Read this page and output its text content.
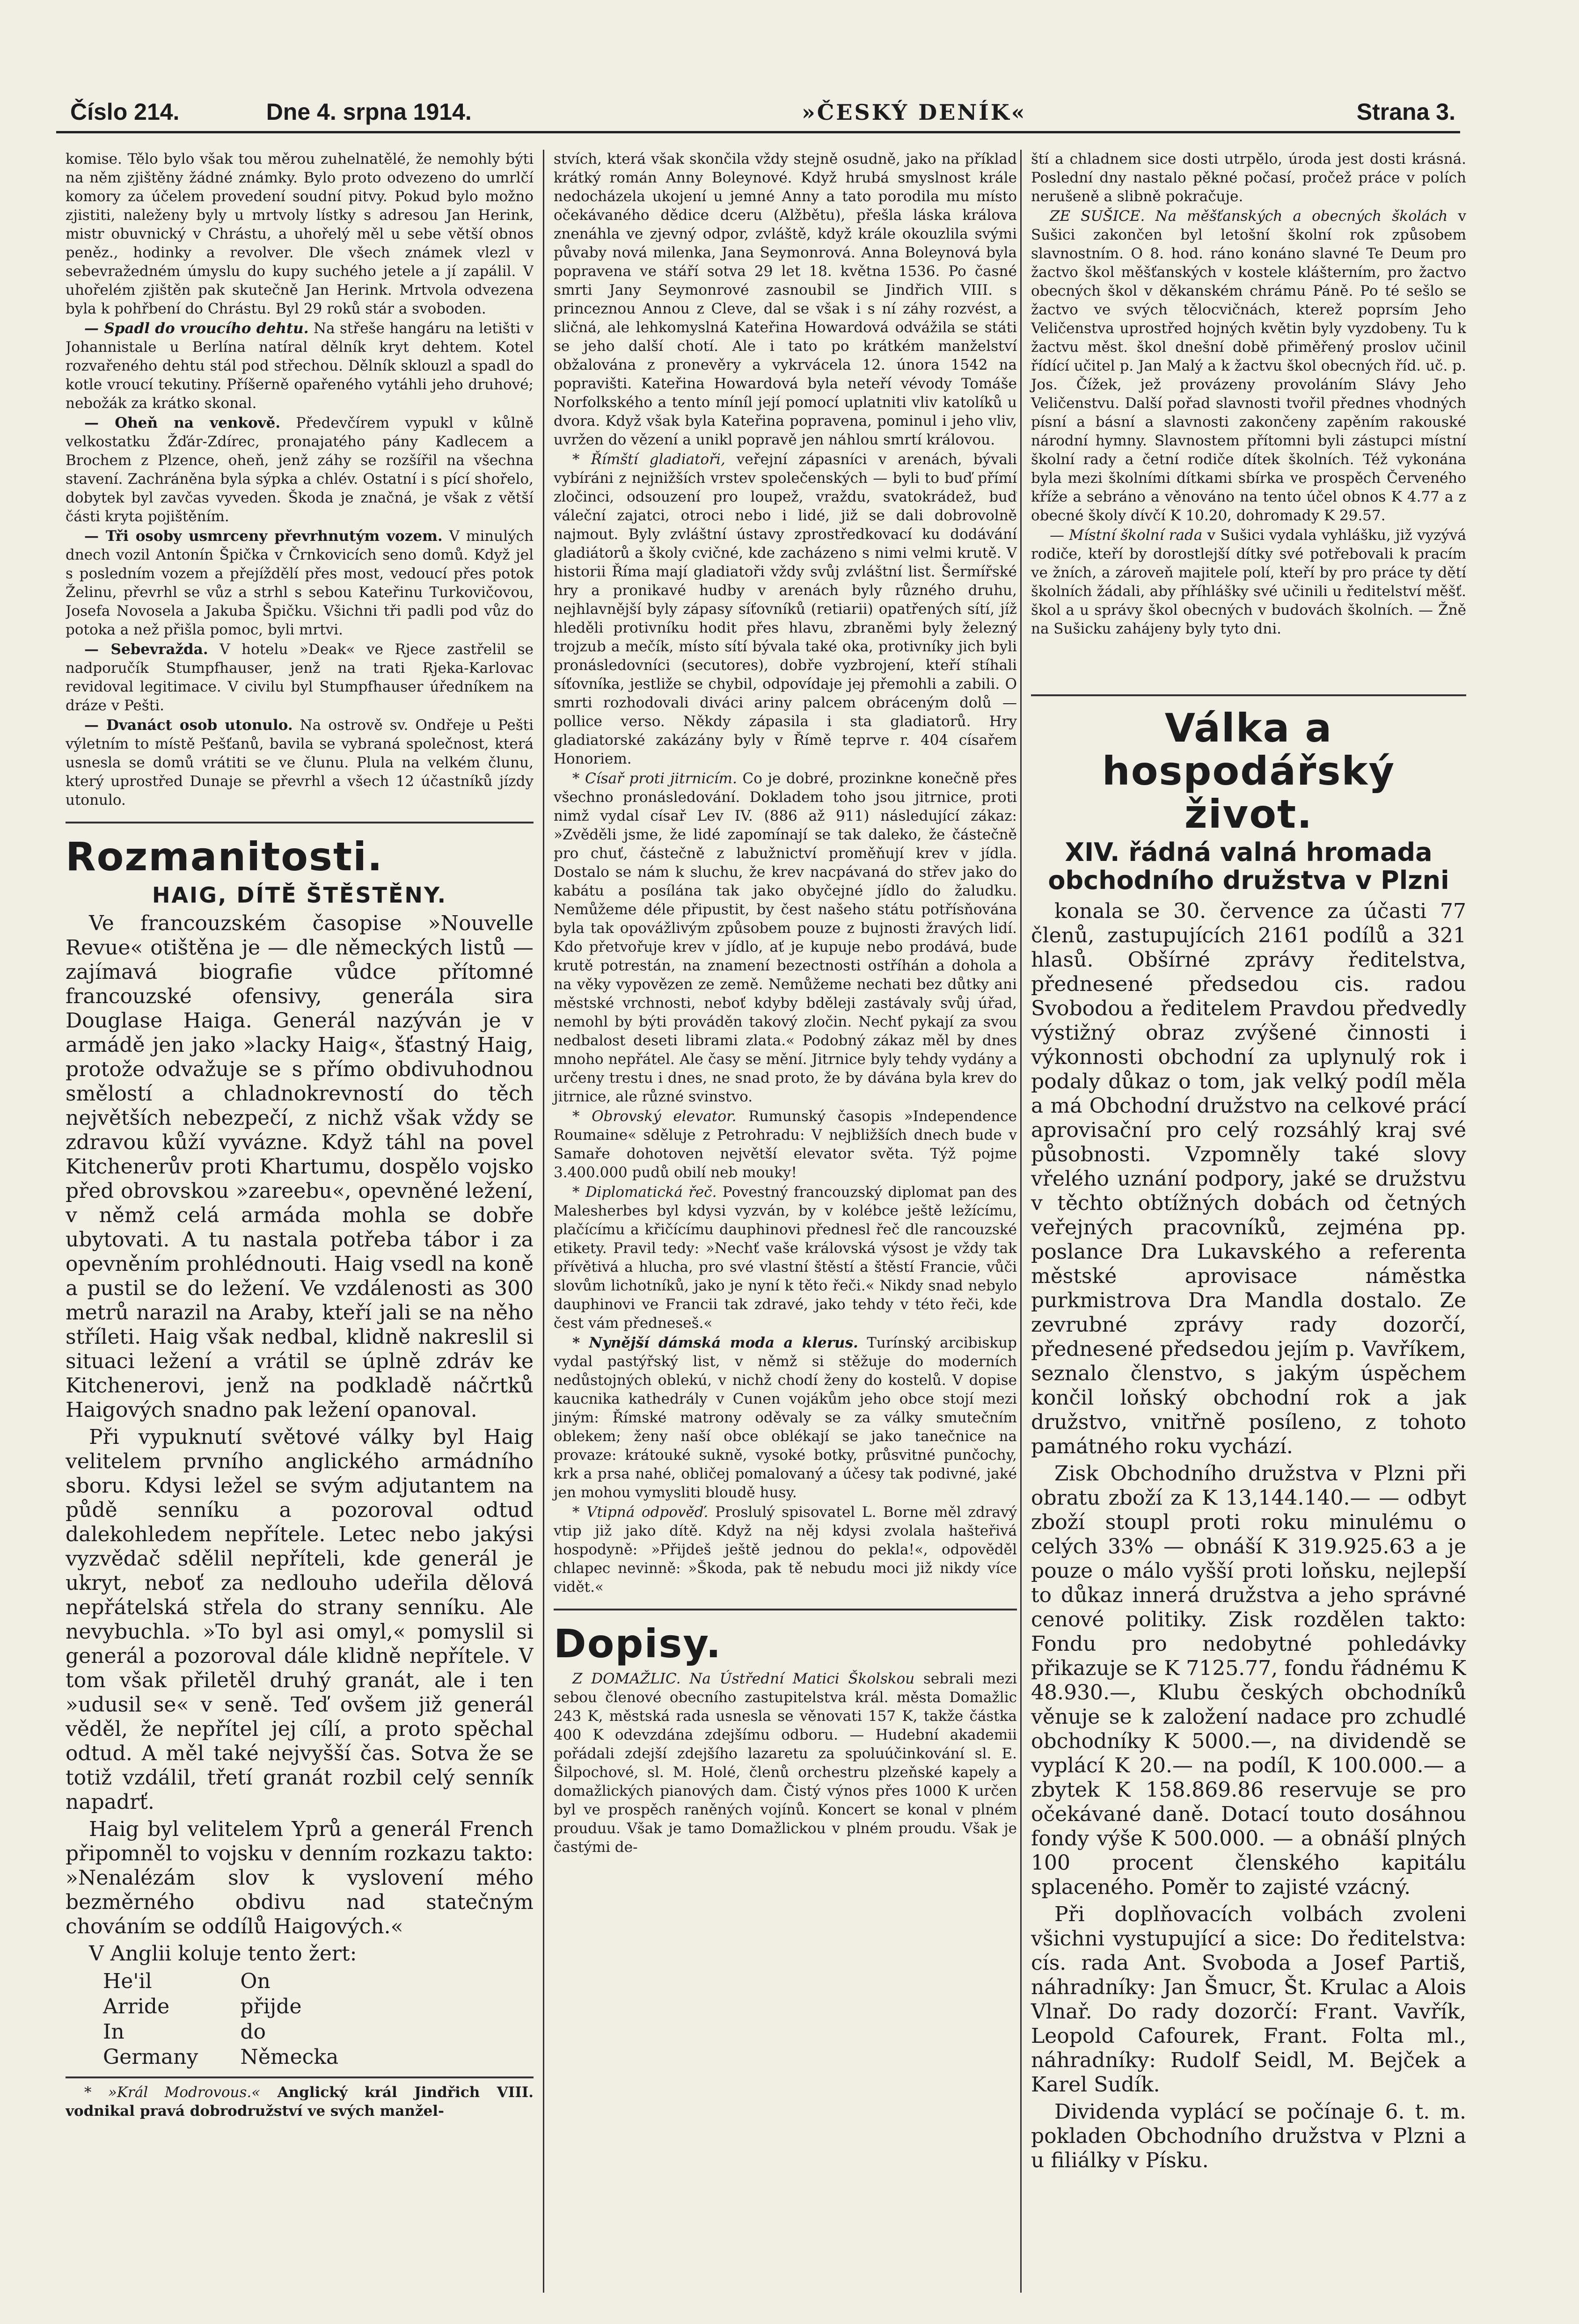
Číslo 214.	Dne 4. srpna 1914.	»ČESKÝ DENÍK«	Strana 3.

komise. Tělo bylo však tou měrou zuhelnatělé, že nemohly býti na něm zjištěny žádné známky. Bylo proto odvezeno do umrlčí komory za účelem provedení soudní pitvy. Pokud bylo možno zjistiti, naleženy byly u mrtvoly lístky s adresou Jan Herink, mistr obuvnický v Chrástu, a uhořelý měl u sebe větší obnos peněz., hodinky a revolver. Dle všech známek vlezl v sebevražedném úmyslu do kupy suchého jetele a jí zapálil. V uhořelém zjištěn pak skutečně Jan Herink. Mrtvola odvezena byla k pohřbení do Chrástu. Byl 29 roků stár a svoboden.

— Spadl do vroucího dehtu. Na střeše hangáru na letišti v Johannistale u Berlína natíral dělník kryt dehtem. Kotel rozvařeného dehtu stál pod střechou. Dělník sklouzl a spadl do kotle vroucí tekutiny. Příšerně opařeného vytáhli jeho druhové; nebožák za krátko skonal.

— Oheň na venkově. Předevčírem vypukl v kůlně velkostatku Žďár-Zdírec, pronajatého pány Kadlecem a Brochem z Plzence, oheň, jenž záhy se rozšířil na všechna stavení. Zachráněna byla sýpka a chlév. Ostatní i s pící shořelo, dobytek byl zavčas vyveden. Škoda je značná, je však z větší části kryta pojištěním.

— Tři osoby usmrceny převrhnutým vozem. V minulých dnech vozil Antonín Špička v Črnkovicích seno domů. Když jel s posledním vozem a přejíždělí přes most, vedoucí přes potok Želinu, převrhl se vůz a strhl s sebou Kateřinu Turkovičovou, Josefa Novosela a Jakuba Špičku. Všichni tři padli pod vůz do potoka a než přišla pomoc, byli mrtvi.

— Sebevražda. V hotelu »Deak« ve Rjece zastřelil se nadporučík Stumpfhauser, jenž na trati Rjeka-Karlovac revidoval legitimace. V civilu byl Stumpfhauser úředníkem na dráze v Pešti.

— Dvanáct osob utonulo. Na ostrově sv. Ondřeje u Pešti výletním to místě Pešťanů, bavila se vybraná společnost, která usnesla se domů vrátiti se ve člunu. Plula na velkém člunu, který uprostřed Dunaje se převrhl a všech 12 účastníků jízdy utonulo.

Rozmanitosti.
HAIG, DÍTĚ ŠTĚSTĚNY.

Ve francouzském časopise »Nouvelle Revue« otištěna je — dle německých listů — zajímavá biografie vůdce přítomné francouzské ofensivy, generála sira Douglase Haiga. Generál nazýván je v armádě jen jako »lacky Haig«, šťastný Haig, protože odvažuje se s přímo obdivuhodnou smělostí a chladnokrevností do těch největších nebezpečí, z nichž však vždy se zdravou kůží vyvázne. Když táhl na povel Kitchenerův proti Khartumu, dospělo vojsko před obrovskou »zareebu«, opevněné ležení, v němž celá armáda mohla se dobře ubytovati. A tu nastala potřeba tábor i za opevněním prohlédnouti. Haig vsedl na koně a pustil se do ležení. Ve vzdálenosti as 300 metrů narazil na Araby, kteří jali se na něho stříleti. Haig však nedbal, klidně nakreslil si situaci ležení a vrátil se úplně zdráv ke Kitchenerovi, jenž na podkladě náčrtků Haigových snadno pak ležení opanoval.

Při vypuknutí světové války byl Haig velitelem prvního anglického armádního sboru. Kdysi ležel se svým adjutantem na půdě senníku a pozoroval odtud dalekohledem nepřítele. Letec nebo jakýsi vyzvědač sdělil nepříteli, kde generál je ukryt, neboť za nedlouho udeřila dělová nepřátelská střela do strany senníku. Ale nevybuchla. »To byl asi omyl,« pomyslil si generál a pozoroval dále klidně nepřítele. V tom však přiletěl druhý granát, ale i ten »udusil se« v seně. Teď ovšem již generál věděl, že nepřítel jej cílí, a proto spěchal odtud. A měl také nejvyšší čas. Sotva že se totiž vzdálil, třetí granát rozbil celý senník napadrť.

Haig byl velitelem Yprů a generál French připomněl to vojsku v denním rozkazu takto: »Nenalézám slov k vyslovení mého bezměrného obdivu nad statečným chováním se oddílů Haigových.«

V Anglii koluje tento žert:

He'il	On
Arride	přijde
In	do
Germany	Německa

* »Král Modrovous.« Anglický král Jindřich VIII. vodnikal pravá dobrodružství ve svých manžel-

stvích, která však skončila vždy stejně osudně, jako na příklad krátký román Anny Boleynové. Když hrubá smyslnost krále nedocházela ukojení u jemné Anny a tato porodila mu místo očekávaného dědice dceru (Alžbětu), přešla láska králova znenáhla ve zjevný odpor, zvláště, když krále okouzlila svými půvaby nová milenka, Jana Seymonrová. Anna Boleynová byla popravena ve stáří sotva 29 let 18. května 1536. Po časné smrti Jany Seymonrové zasnoubil se Jindřich VIII. s princeznou Annou z Cleve, dal se však i s ní záhy rozvést, a sličná, ale lehkomyslná Kateřina Howardová odvážila se státi se jeho další chotí. Ale i tato po krátkém manželství obžalována z pronevěry a vykrvácela 12. února 1542 na popravišti. Kateřina Howardová byla neteří vévody Tomáše Norfolkského a tento míníl její pomocí uplatniti vliv katolíků u dvora. Když však byla Kateřina popravena, pominul i jeho vliv, uvržen do vězení a unikl popravě jen náhlou smrtí královou.

* Římští gladiatoři, veřejní zápasníci v arenách, bývali vybíráni z nejnižších vrstev společenských — byli to buď přímí zločinci, odsouzení pro loupež, vraždu, svatokrádež, buď váleční zajatci, otroci nebo i lidé, již se dali dobrovolně najmout. Byly zvláštní ústavy zprostředkovací ku dodávání gladiátorů a školy cvičné, kde zacházeno s nimi velmi krutě. V historii Říma mají gladiatoři vždy svůj zvláštní list. Šermířské hry a pronikavé hudby v arenách byly různého druhu, nejhlavnější byly zápasy síťovníků (retiarii) opatřených sítí, jíž hleděli protivníku hodit přes hlavu, zbraněmi byly železný trojzub a mečík, místo sítí bývala také oka, protivníky jich byli pronásledovníci (secutores), dobře vyzbrojení, kteří stíhali síťovníka, jestliže se chybil, odpovídaje jej přemohli a zabili. O smrti rozhodovali diváci ariny palcem obráceným dolů — pollice verso. Někdy zápasila i sta gladiatorů. Hry gladiatorské zakázány byly v Římě teprve r. 404 císařem Honoriem.

* Císař proti jitrnicím. Co je dobré, prozinkne konečně přes všechno pronásledování. Dokladem toho jsou jitrnice, proti nimž vydal císař Lev IV. (886 až 911) následující zákaz: »Zvěděli jsme, že lidé zapomínají se tak daleko, že částečně pro chuť, částečně z labužnictví proměňují krev v jídla. Dostalo se nám k sluchu, že krev nacpávaná do střev jako do kabátu a posílána tak jako obyčejné jídlo do žaludku. Nemůžeme déle připustit, by čest našeho státu potřísňována byla tak opovážlivým způsobem pouze z bujnosti žravých lidí. Kdo přetvořuje krev v jídlo, ať je kupuje nebo prodává, bude krutě potrestán, na znamení bezectnosti ostříhán a dohola a na věky vypovězen ze země. Nemůžeme nechati bez důtky ani městské vrchnosti, neboť kdyby bděleji zastávaly svůj úřad, nemohl by býti prováděn takový zločin. Nechť pykají za svou nedbalost deseti librami zlata.« Podobný zákaz měl by dnes mnoho nepřátel. Ale časy se mění. Jitrnice byly tehdy vydány a určeny trestu i dnes, ne snad proto, že by dávána byla krev do jitrnice, ale různé svinstvo.

* Obrovský elevator. Rumunský časopis »Independence Roumaine« sděluje z Petrohradu: V nejbližších dnech bude v Samaře dohotoven největší elevator světa. Týž pojme 3.400.000 pudů obilí neb mouky!

* Diplomatická řeč. Povestný francouzský diplomat pan des Malesherbes byl kdysi vyzván, by v kolébce ještě ležícímu, plačícímu a křičícímu dauphinovi přednesl řeč dle rancouzské etikety. Pravil tedy: »Nechť vaše královská výsost je vždy tak přívětivá a hlucha, pro své vlastní štěstí a štěstí Francie, vůči slovům lichotníků, jako je nyní k těto řeči.« Nikdy snad nebylo dauphinovi ve Francii tak zdravé, jako tehdy v této řeči, kde čest vám předneseš.«

* Nynější dámská moda a klerus. Turínský arcibiskup vydal pastýřský list, v němž si stěžuje do moderních nedůstojných oblekú, v nichž chodí ženy do kostelů. V dopise kaucnika kathedrály v Cunen vojákům jeho obce stojí mezi jiným: Římské matrony oděvaly se za války smutečním oblekem; ženy naší obce oblékají se jako tanečnice na provaze: krátouké sukně, vysoké botky, průsvitné punčochy, krk a prsa nahé, obličej pomalovaný a účesy tak podivné, jaké jen mohou vymysliti bloudě husy.

* Vtipná odpověď. Proslulý spisovatel L. Borne měl zdravý vtip již jako dítě. Když na něj kdysi zvolala hašteřivá hospodyně: »Přijdeš ještě jednou do pekla!«, odpověděl chlapec nevinně: »Škoda, pak tě nebudu moci již nikdy více vidět.«

Dopisy.

Z DOMAŽLIC. Na Ústřední Matici Školskou sebrali mezi sebou členové obecního zastupitelstva král. města Domažlic 243 K, městská rada usnesla se věnovati 157 K, takže částka 400 K odevzdána zdejšímu odboru. — Hudební akademii pořádali zdejší zdejšího lazaretu za spoluúčinkování sl. E. Šilpochové, sl. M. Holé, členů orchestru plzeňské kapely a domažlických pianových dam. Čistý výnos přes 1000 K určen byl ve prospěch raněných vojínů. Koncert se konal v plném prouduu. Však je tamo Domažlickou v plném proudu. Však je častými de-

ští a chladnem sice dosti utrpělo, úroda jest dosti krásná. Poslední dny nastalo pěkné počasí, pročež práce v polích nerušeně a slibně pokračuje.

ZE SUŠICE. Na měšťanských a obecných školách v Sušici zakončen byl letošní školní rok způsobem slavnostním. O 8. hod. ráno konáno slavné Te Deum pro žactvo škol měšťanských v kostele klášterním, pro žactvo obecných škol v děkanském chrámu Páně. Po té sešlo se žactvo ve svých tělocvičnách, kterež poprsím Jeho Veličenstva uprostřed hojných květin byly vyzdobeny. Tu k žactvu měst. škol dnešní době přiměřený proslov učinil řídící učitel p. Jan Malý a k žactvu škol obecných říd. uč. p. Jos. Čížek, jež provázeny provoláním Slávy Jeho Veličenstvu. Další pořad slavnosti tvořil přednes vhodných písní a básní a slavnosti zakončeny zapěním rakouské národní hymny. Slavnostem přítomni byli zástupci místní školní rady a četní rodiče dítek školních. Též vykonána byla mezi školními dítkami sbírka ve prospěch Červeného kříže a sebráno a věnováno na tento účel obnos K 4.77 a z obecné školy dívčí K 10.20, dohromady K 29.57.

— Místní školní rada v Sušici vydala vyhlášku, již vyzývá rodiče, kteří by dorostlejší dítky své potřebovali k pracím ve žních, a zároveň majitele polí, kteří by pro práce ty dětí školních žádali, aby příhlášky své učinili u ředitelství měšť. škol a u správy škol obecných v budovách školních. — Žně na Sušicku zahájeny byly tyto dni.

Válka a hospodářský život.
XIV. řádná valná hromada obchodního družstva v Plzni

konala se 30. července za účasti 77 členů, zastupujících 2161 podílů a 321 hlasů. Obšírné zprávy ředitelstva, přednesené předsedou cis. radou Svobodou a ředitelem Pravdou předvedly výstižný obraz zvýšené činnosti i výkonnosti obchodní za uplynulý rok i podaly důkaz o tom, jak velký podíl měla a má Obchodní družstvo na celkové prácí aprovisační pro celý rozsáhlý kraj své působnosti. Vzpomněly také slovy vřelého uznání podpory, jaké se družstvu v těchto obtížných dobách od četných veřejných pracovníků, zejména pp. poslance Dra Lukavského a referenta městské aprovisace náměstka purkmistrova Dra Mandla dostalo. Ze zevrubné zprávy rady dozorčí, přednesené předsedou jejím p. Vavříkem, seznalo členstvo, s jakým úspěchem končil loňský obchodní rok a jak družstvo, vnitřně posíleno, z tohoto památného roku vychází.

Zisk Obchodního družstva v Plzni při obratu zboží za K 13,144.140.— — odbyt zboží stoupl proti roku minulému o celých 33% — obnáší K 319.925.63 a je pouze o málo vyšší proti loňsku, nejlepší to důkaz innerá družstva a jeho správné cenové politiky. Zisk rozdělen takto: Fondu pro nedobytné pohledávky přikazuje se K 7125.77, fondu řádnému K 48.930.—, Klubu českých obchodníků věnuje se k založení nadace pro zchudlé obchodníky K 5000.—, na dividendě se vyplácí K 20.— na podíl, K 100.000.— a zbytek K 158.869.86 reservuje se pro očekávané daně. Dotací touto dosáhnou fondy výše K 500.000. — a obnáší plných 100 procent členského kapitálu splaceného. Poměr to zajisté vzácný.

Při doplňovacích volbách zvoleni všichni vystupující a sice: Do ředitelstva: cís. rada Ant. Svoboda a Josef Partiš, náhradníky: Jan Šmucr, Št. Krulac a Alois Vlnař. Do rady dozorčí: Frant. Vavřík, Leopold Cafourek, Frant. Folta ml., náhradníky: Rudolf Seidl, M. Bejček a Karel Sudík.

Dividenda vyplácí se počínaje 6. t. m. pokladen Obchodního družstva v Plzni a u filiálky v Písku.
